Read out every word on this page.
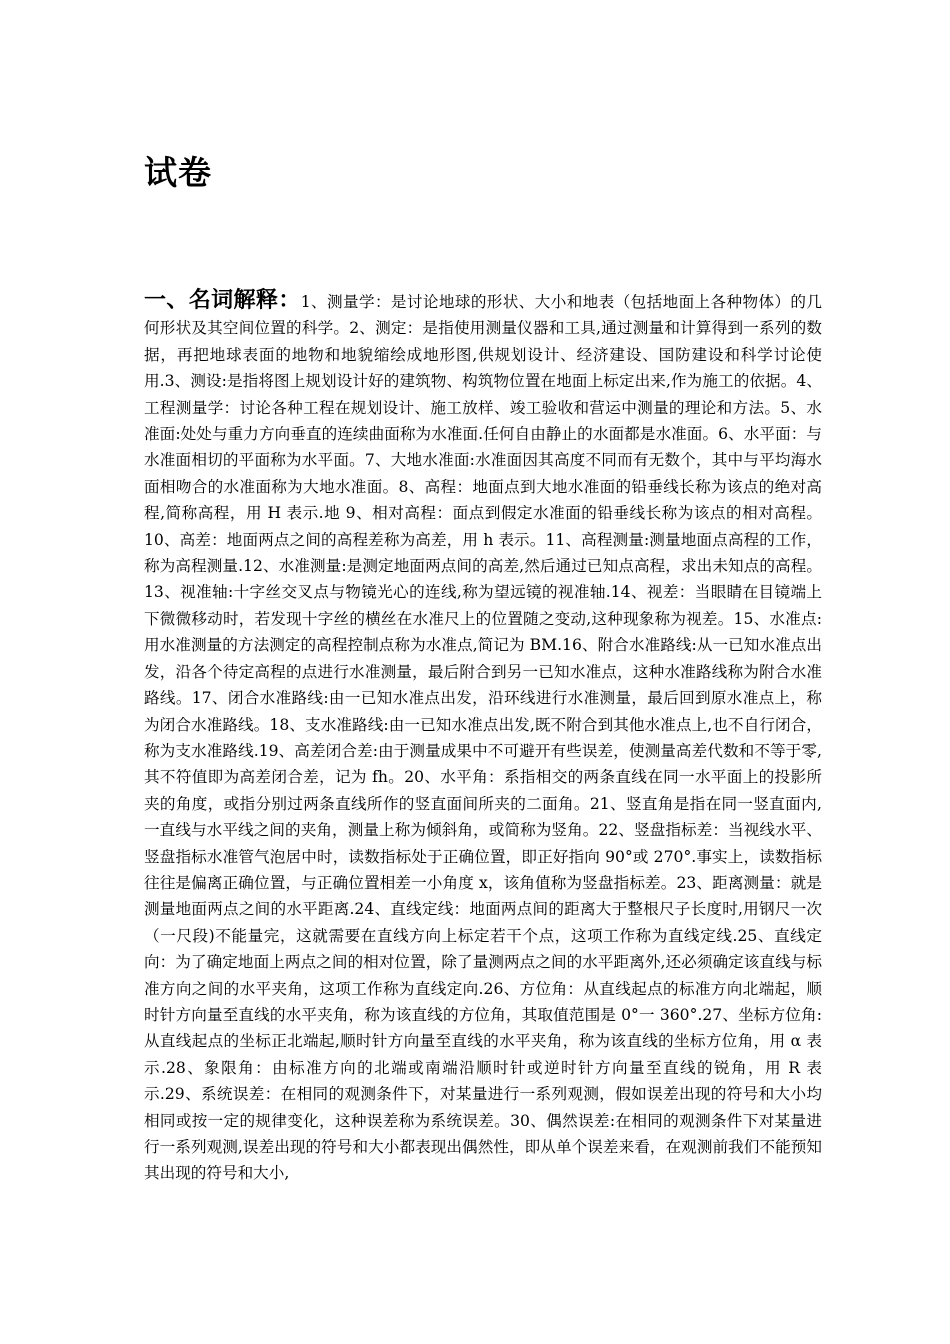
试卷

一、名词解释：1、测量学：是讨论地球的形状、大小和地表（包括地面上各种物体）的几何形状及其空间位置的科学。2、测定：是指使用测量仪器和工具,通过测量和计算得到一系列的数据，再把地球表面的地物和地貌缩绘成地形图,供规划设计、经济建设、国防建设和科学讨论使用.3、测设:是指将图上规划设计好的建筑物、构筑物位置在地面上标定出来,作为施工的依据。4、工程测量学：讨论各种工程在规划设计、施工放样、竣工验收和营运中测量的理论和方法。5、水准面:处处与重力方向垂直的连续曲面称为水准面.任何自由静止的水面都是水准面。6、水平面：与水准面相切的平面称为水平面。7、大地水准面:水准面因其高度不同而有无数个，其中与平均海水面相吻合的水准面称为大地水准面。8、高程：地面点到大地水准面的铅垂线长称为该点的绝对高程,简称高程，用 H 表示.地 9、相对高程：面点到假定水准面的铅垂线长称为该点的相对高程。10、高差：地面两点之间的高程差称为高差，用 h 表示。11、高程测量:测量地面点高程的工作，称为高程测量.12、水准测量:是测定地面两点间的高差,然后通过已知点高程，求出未知点的高程。13、视准轴:十字丝交叉点与物镜光心的连线,称为望远镜的视准轴.14、视差：当眼睛在目镜端上下微微移动时，若发现十字丝的横丝在水准尺上的位置随之变动,这种现象称为视差。15、水准点:用水准测量的方法测定的高程控制点称为水准点,简记为 BM.16、附合水准路线:从一已知水准点出发，沿各个待定高程的点进行水准测量，最后附合到另一已知水准点，这种水准路线称为附合水准路线。17、闭合水准路线:由一已知水准点出发，沿环线进行水准测量，最后回到原水准点上，称为闭合水准路线。18、支水准路线:由一已知水准点出发,既不附合到其他水准点上,也不自行闭合，称为支水准路线.19、高差闭合差:由于测量成果中不可避开有些误差，使测量高差代数和不等于零,其不符值即为高差闭合差，记为 fh。20、水平角：系指相交的两条直线在同一水平面上的投影所夹的角度，或指分别过两条直线所作的竖直面间所夹的二面角。21、竖直角是指在同一竖直面内,一直线与水平线之间的夹角，测量上称为倾斜角，或简称为竖角。22、竖盘指标差：当视线水平、竖盘指标水准管气泡居中时，读数指标处于正确位置，即正好指向 90°或 270°.事实上，读数指标往往是偏离正确位置，与正确位置相差一小角度 x，该角值称为竖盘指标差。23、距离测量：就是测量地面两点之间的水平距离.24、直线定线：地面两点间的距离大于整根尺子长度时,用钢尺一次（一尺段)不能量完，这就需要在直线方向上标定若干个点，这项工作称为直线定线.25、直线定向：为了确定地面上两点之间的相对位置，除了量测两点之间的水平距离外,还必须确定该直线与标准方向之间的水平夹角，这项工作称为直线定向.26、方位角：从直线起点的标准方向北端起，顺时针方向量至直线的水平夹角，称为该直线的方位角，其取值范围是 0°一 360°.27、坐标方位角:从直线起点的坐标正北端起,顺时针方向量至直线的水平夹角，称为该直线的坐标方位角，用 α 表示.28、象限角：由标准方向的北端或南端沿顺时针或逆时针方向量至直线的锐角，用 R 表示.29、系统误差：在相同的观测条件下，对某量进行一系列观测，假如误差出现的符号和大小均相同或按一定的规律变化，这种误差称为系统误差。30、偶然误差:在相同的观测条件下对某量进行一系列观测,误差出现的符号和大小都表现出偶然性，即从单个误差来看，在观测前我们不能预知其出现的符号和大小,
